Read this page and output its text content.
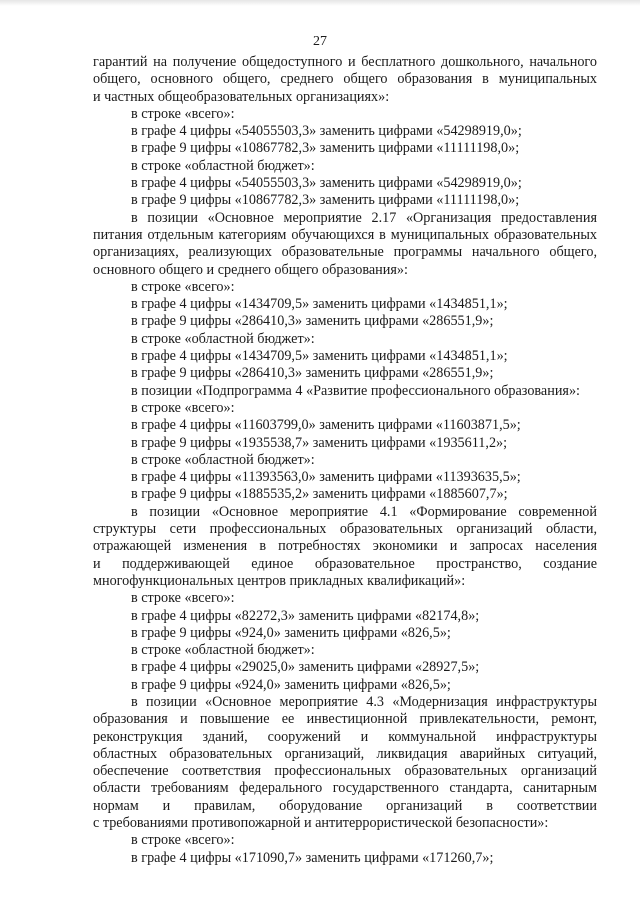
27
гарантий на получение общедоступного и бесплатного дошкольного, начального
общего, основного общего, среднего общего образования в муниципальных
и частных общеобразовательных организациях»:
в строке «всего»:
в графе 4 цифры «54055503,3» заменить цифрами «54298919,0»;
в графе 9 цифры «10867782,3» заменить цифрами «11111198,0»;
в строке «областной бюджет»:
в графе 4 цифры «54055503,3» заменить цифрами «54298919,0»;
в графе 9 цифры «10867782,3» заменить цифрами «11111198,0»;
в позиции «Основное мероприятие 2.17 «Организация предоставления
питания отдельным категориям обучающихся в муниципальных образовательных
организациях, реализующих образовательные программы начального общего,
основного общего и среднего общего образования»:
в строке «всего»:
в графе 4 цифры «1434709,5» заменить цифрами «1434851,1»;
в графе 9 цифры «286410,3» заменить цифрами «286551,9»;
в строке «областной бюджет»:
в графе 4 цифры «1434709,5» заменить цифрами «1434851,1»;
в графе 9 цифры «286410,3» заменить цифрами «286551,9»;
в позиции «Подпрограмма 4 «Развитие профессионального образования»:
в строке «всего»:
в графе 4 цифры «11603799,0» заменить цифрами «11603871,5»;
в графе 9 цифры «1935538,7» заменить цифрами «1935611,2»;
в строке «областной бюджет»:
в графе 4 цифры «11393563,0» заменить цифрами «11393635,5»;
в графе 9 цифры «1885535,2» заменить цифрами «1885607,7»;
в позиции «Основное мероприятие 4.1 «Формирование современной
структуры сети профессиональных образовательных организаций области,
отражающей изменения в потребностях экономики и запросах населения
и поддерживающей единое образовательное пространство, создание
многофункциональных центров прикладных квалификаций»:
в строке «всего»:
в графе 4 цифры «82272,3» заменить цифрами «82174,8»;
в графе 9 цифры «924,0» заменить цифрами «826,5»;
в строке «областной бюджет»:
в графе 4 цифры «29025,0» заменить цифрами «28927,5»;
в графе 9 цифры «924,0» заменить цифрами «826,5»;
в позиции «Основное мероприятие 4.3 «Модернизация инфраструктуры
образования и повышение ее инвестиционной привлекательности, ремонт,
реконструкция зданий, сооружений и коммунальной инфраструктуры
областных образовательных организаций, ликвидация аварийных ситуаций,
обеспечение соответствия профессиональных образовательных организаций
области требованиям федерального государственного стандарта, санитарным
нормам и правилам, оборудование организаций в соответствии
с требованиями противопожарной и антитеррористической безопасности»:
в строке «всего»:
в графе 4 цифры «171090,7» заменить цифрами «171260,7»;
